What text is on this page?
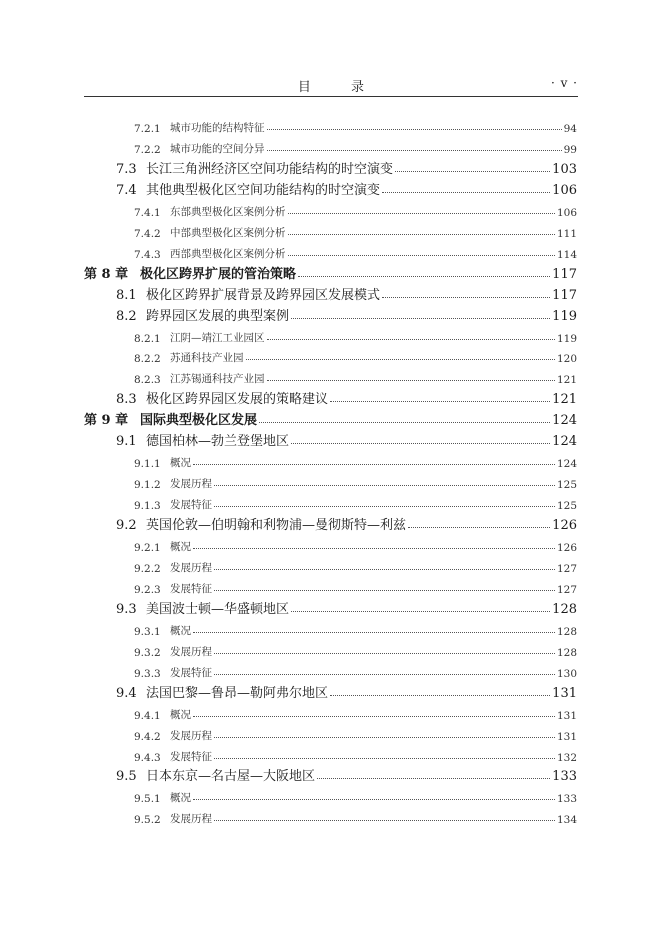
目 录	· v ·
7.2.1 城市功能的结构特征	94
7.2.2 城市功能的空间分异	99
7.3 长江三角洲经济区空间功能结构的时空演变	103
7.4 其他典型极化区空间功能结构的时空演变	106
7.4.1 东部典型极化区案例分析	106
7.4.2 中部典型极化区案例分析	111
7.4.3 西部典型极化区案例分析	114
第 8 章 极化区跨界扩展的管治策略	117
8.1 极化区跨界扩展背景及跨界园区发展模式	117
8.2 跨界园区发展的典型案例	119
8.2.1 江阴—靖江工业园区	119
8.2.2 苏通科技产业园	120
8.2.3 江苏锡通科技产业园	121
8.3 极化区跨界园区发展的策略建议	121
第 9 章 国际典型极化区发展	124
9.1 德国柏林—勃兰登堡地区	124
9.1.1 概况	124
9.1.2 发展历程	125
9.1.3 发展特征	125
9.2 英国伦敦—伯明翰和利物浦—曼彻斯特—利兹	126
9.2.1 概况	126
9.2.2 发展历程	127
9.2.3 发展特征	127
9.3 美国波士顿—华盛顿地区	128
9.3.1 概况	128
9.3.2 发展历程	128
9.3.3 发展特征	130
9.4 法国巴黎—鲁昂—勒阿弗尔地区	131
9.4.1 概况	131
9.4.2 发展历程	131
9.4.3 发展特征	132
9.5 日本东京—名古屋—大阪地区	133
9.5.1 概况	133
9.5.2 发展历程	134
